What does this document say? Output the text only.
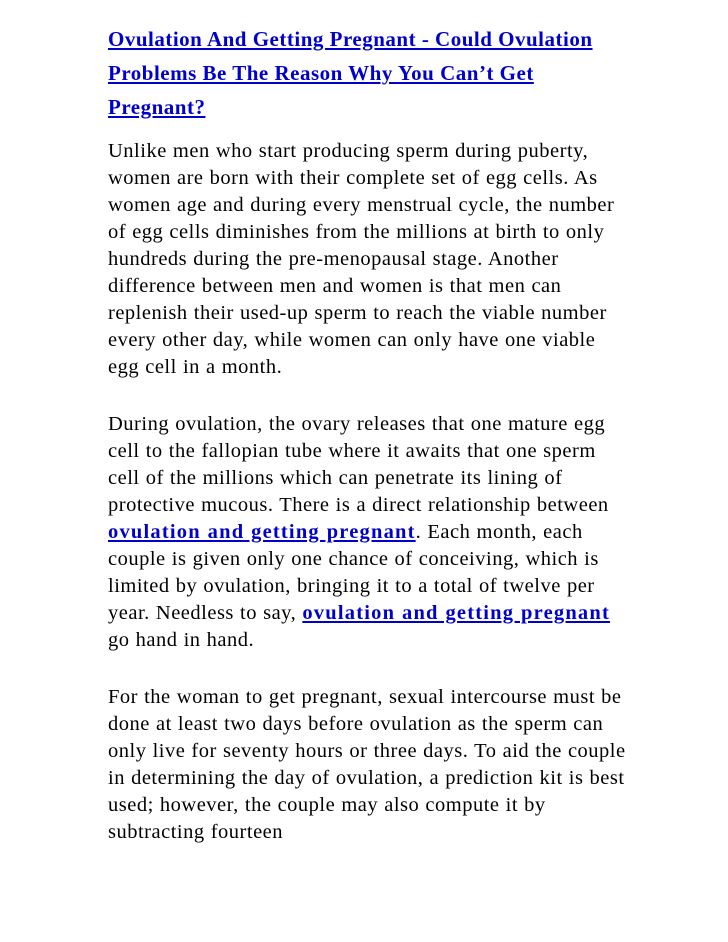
Ovulation And Getting Pregnant - Could Ovulation Problems Be The Reason Why You Can’t Get Pregnant?

Unlike men who start producing sperm during puberty, women are born with their complete set of egg cells. As women age and during every menstrual cycle, the number of egg cells diminishes from the millions at birth to only hundreds during the pre-menopausal stage. Another difference between men and women is that men can replenish their used-up sperm to reach the viable number every other day, while women can only have one viable egg cell in a month.

During ovulation, the ovary releases that one mature egg cell to the fallopian tube where it awaits that one sperm cell of the millions which can penetrate its lining of protective mucous. There is a direct relationship between ovulation and getting pregnant. Each month, each couple is given only one chance of conceiving, which is limited by ovulation, bringing it to a total of twelve per year. Needless to say, ovulation and getting pregnant go hand in hand.

For the woman to get pregnant, sexual intercourse must be done at least two days before ovulation as the sperm can only live for seventy hours or three days. To aid the couple in determining the day of ovulation, a prediction kit is best used; however, the couple may also compute it by subtracting fourteen
